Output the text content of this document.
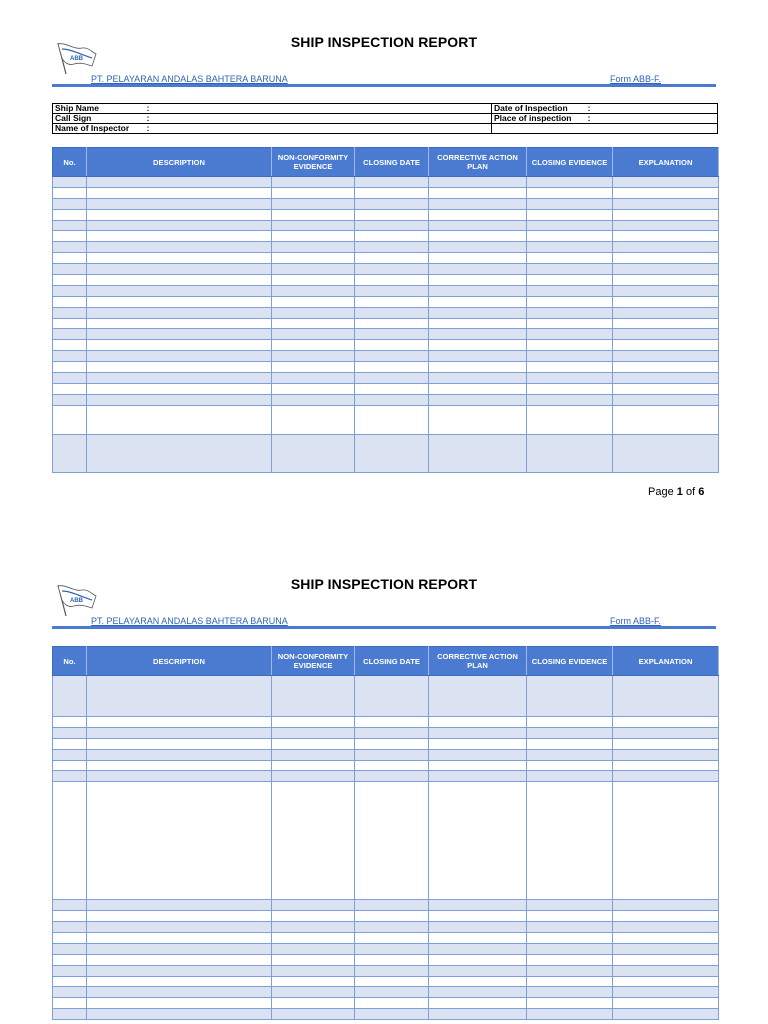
SHIP INSPECTION REPORT
ABB
PT. PELAYARAN ANDALAS BAHTERA BARUNA	Form ABB-F.
Ship Name :	Date of Inspection :
Call Sign :	Place of inspection :
Name of Inspector :	
No.	DESCRIPTION	NON-CONFORMITY EVIDENCE	CLOSING DATE	CORRECTIVE ACTION PLAN	CLOSING EVIDENCE	EXPLANATION

Page 1 of 6
SHIP INSPECTION REPORT
ABB
PT. PELAYARAN ANDALAS BAHTERA BARUNA	Form ABB-F.
No.	DESCRIPTION	NON-CONFORMITY EVIDENCE	CLOSING DATE	CORRECTIVE ACTION PLAN	CLOSING EVIDENCE	EXPLANATION
